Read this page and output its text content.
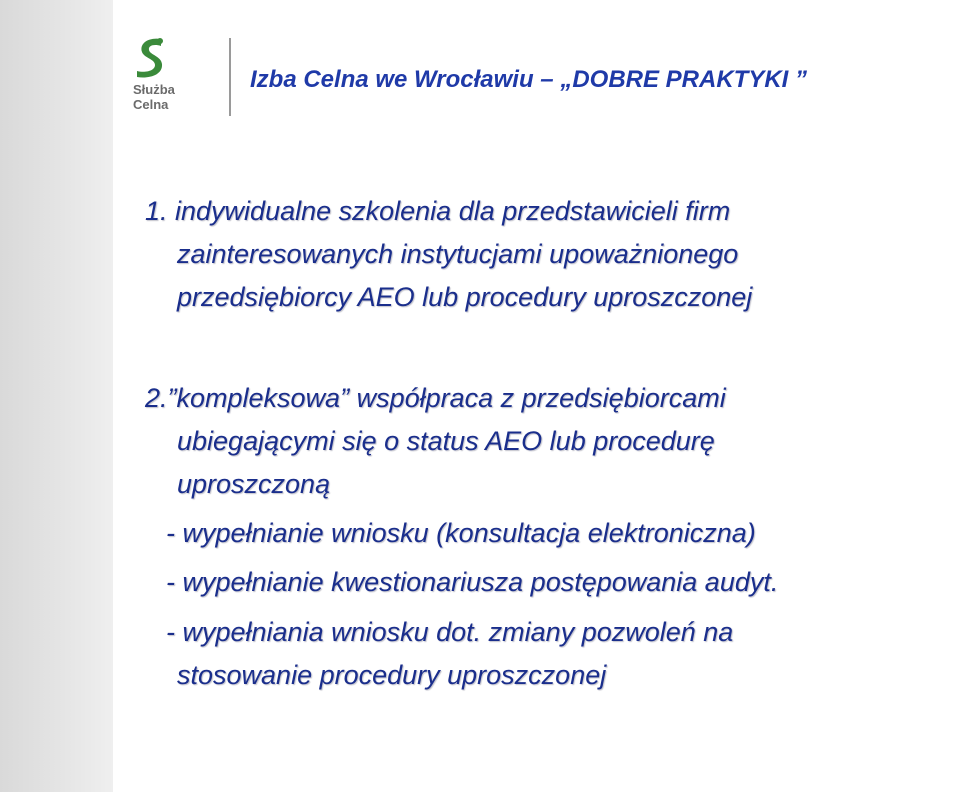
Służba
Celna
Izba Celna we Wrocławiu – „DOBRE PRAKTYKI ”
1. indywidualne szkolenia dla przedstawicieli firm
zainteresowanych instytucjami upoważnionego
przedsiębiorcy AEO lub procedury uproszczonej
2.”kompleksowa” współpraca z przedsiębiorcami
ubiegającymi się o status AEO lub procedurę
uproszczoną
- wypełnianie wniosku (konsultacja elektroniczna)
- wypełnianie kwestionariusza postępowania audyt.
- wypełniania wniosku dot. zmiany pozwoleń na
stosowanie procedury uproszczonej
